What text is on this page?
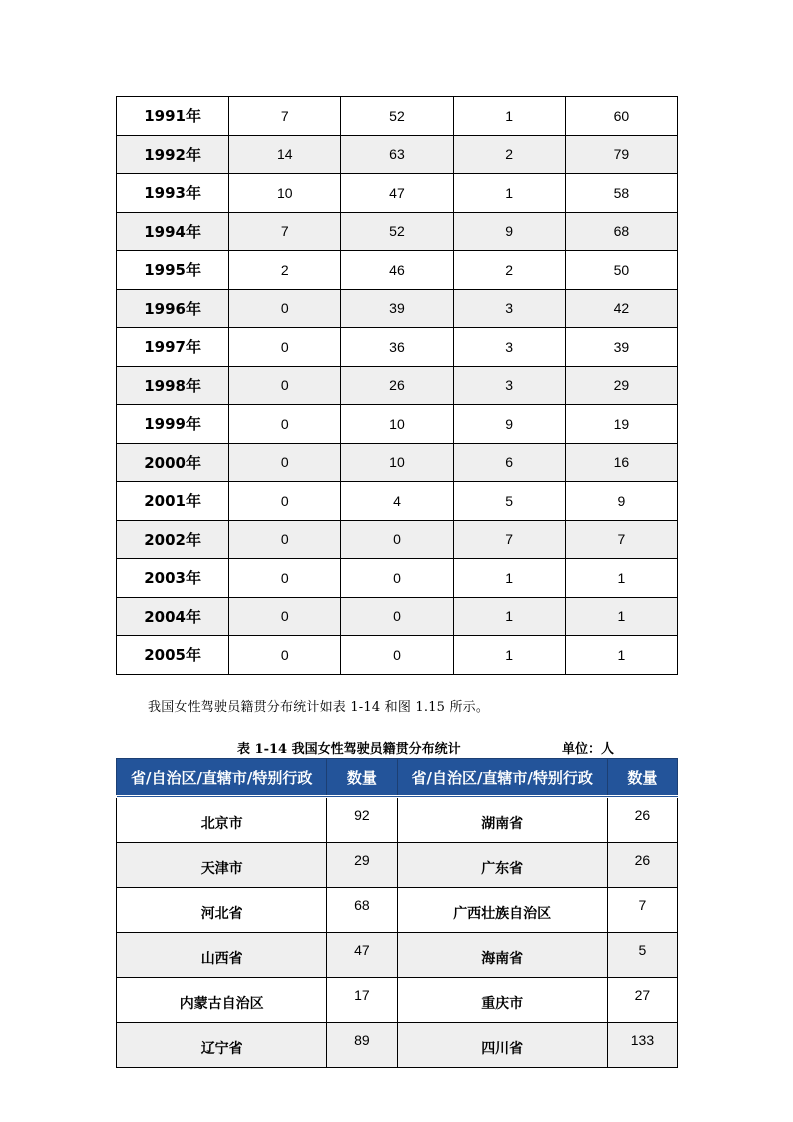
1991年	7	52	1	60
1992年	14	63	2	79
1993年	10	47	1	58
1994年	7	52	9	68
1995年	2	46	2	50
1996年	0	39	3	42
1997年	0	36	3	39
1998年	0	26	3	29
1999年	0	10	9	19
2000年	0	10	6	16
2001年	0	4	5	9
2002年	0	0	7	7
2003年	0	0	1	1
2004年	0	0	1	1
2005年	0	0	1	1
我国女性驾驶员籍贯分布统计如表 1-14 和图 1.15 所示。
表 1-14 我国女性驾驶员籍贯分布统计	单位：人
省/自治区/直辖市/特别行政	数量	省/自治区/直辖市/特别行政	数量
北京市	92	湖南省	26
天津市	29	广东省	26
河北省	68	广西壮族自治区	7
山西省	47	海南省	5
内蒙古自治区	17	重庆市	27
辽宁省	89	四川省	133
